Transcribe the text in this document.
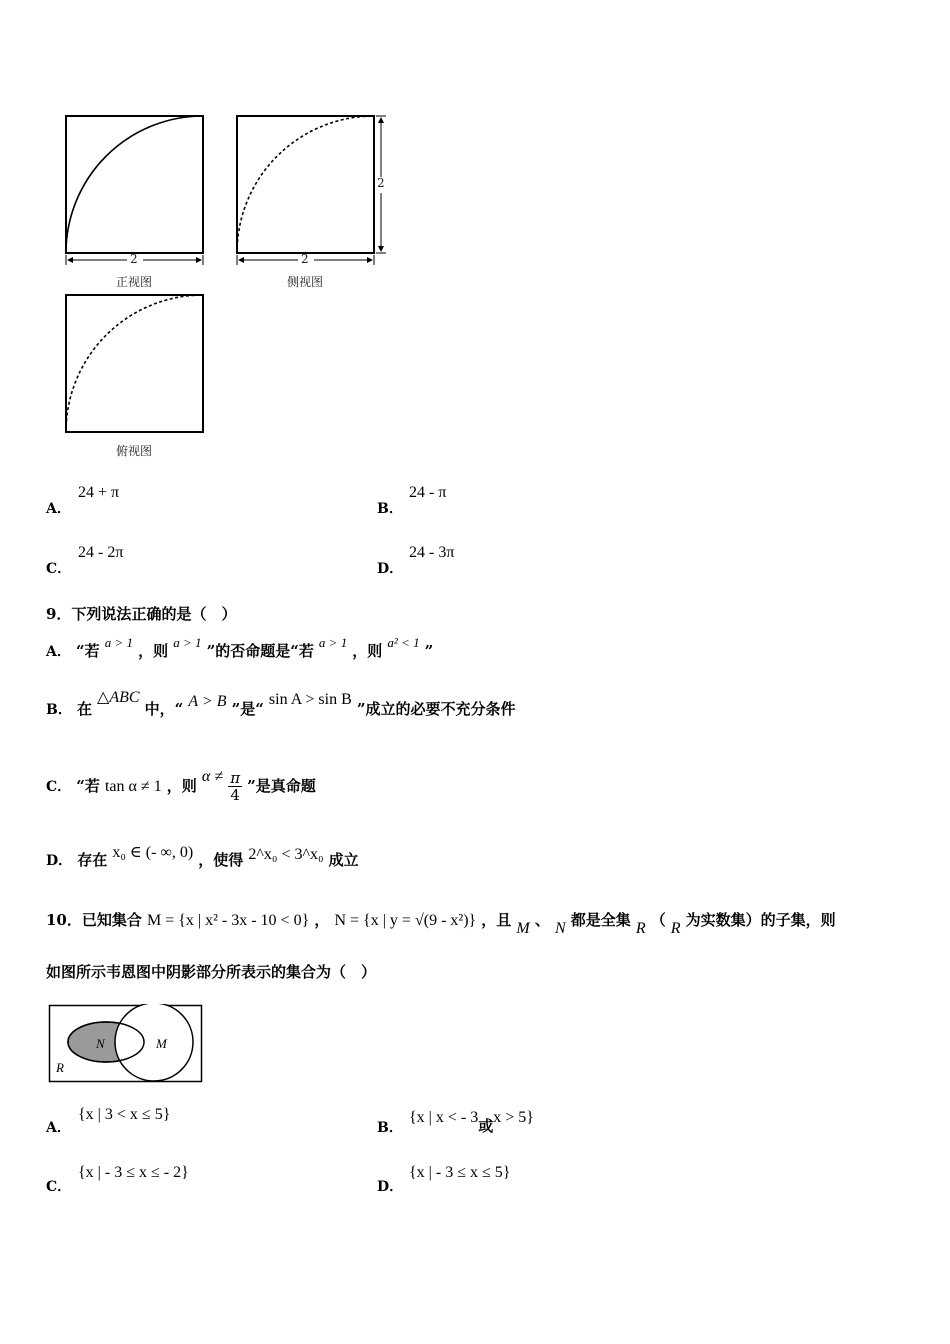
2	2
2
正视图	侧视图
俯视图
A．
24 + π
B．
24 - π
C．
24 - 2π
D．
24 - 3π
9．下列说法正确的是（　）
A． “若 $^{a > 1}$ ，则 $^{a > 1}$ ”的否命题是“若 $^{a > 1}$ ，则 $^{a^2 < 1}$ ”
B． 在 △ABC 中，“ A > B ”是“ sin A > sin B ”成立的必要不充分条件
C． “若 tan α ≠ 1 ，则 $\alpha \ne \frac{\pi}{4}$ ”是真命题
D． 存在 x₀ ∈ (- ∞, 0) ，使得 2^x₀ < 3^x₀ 成立
10．已知集合 M = {x | x² - 3x - 10 < 0} ， N = {x | y = √(9 - x²)} ，且 M 、 N 都是全集 R （ R 为实数集）的子集，则
如图所示韦恩图中阴影部分所表示的集合为（　）
N	M
R
A．
{x | 3 < x ≤ 5}
B．
{x | x < - 3或x > 5}
C．
{x | - 3 ≤ x ≤ - 2}
D．
{x | - 3 ≤ x ≤ 5}
